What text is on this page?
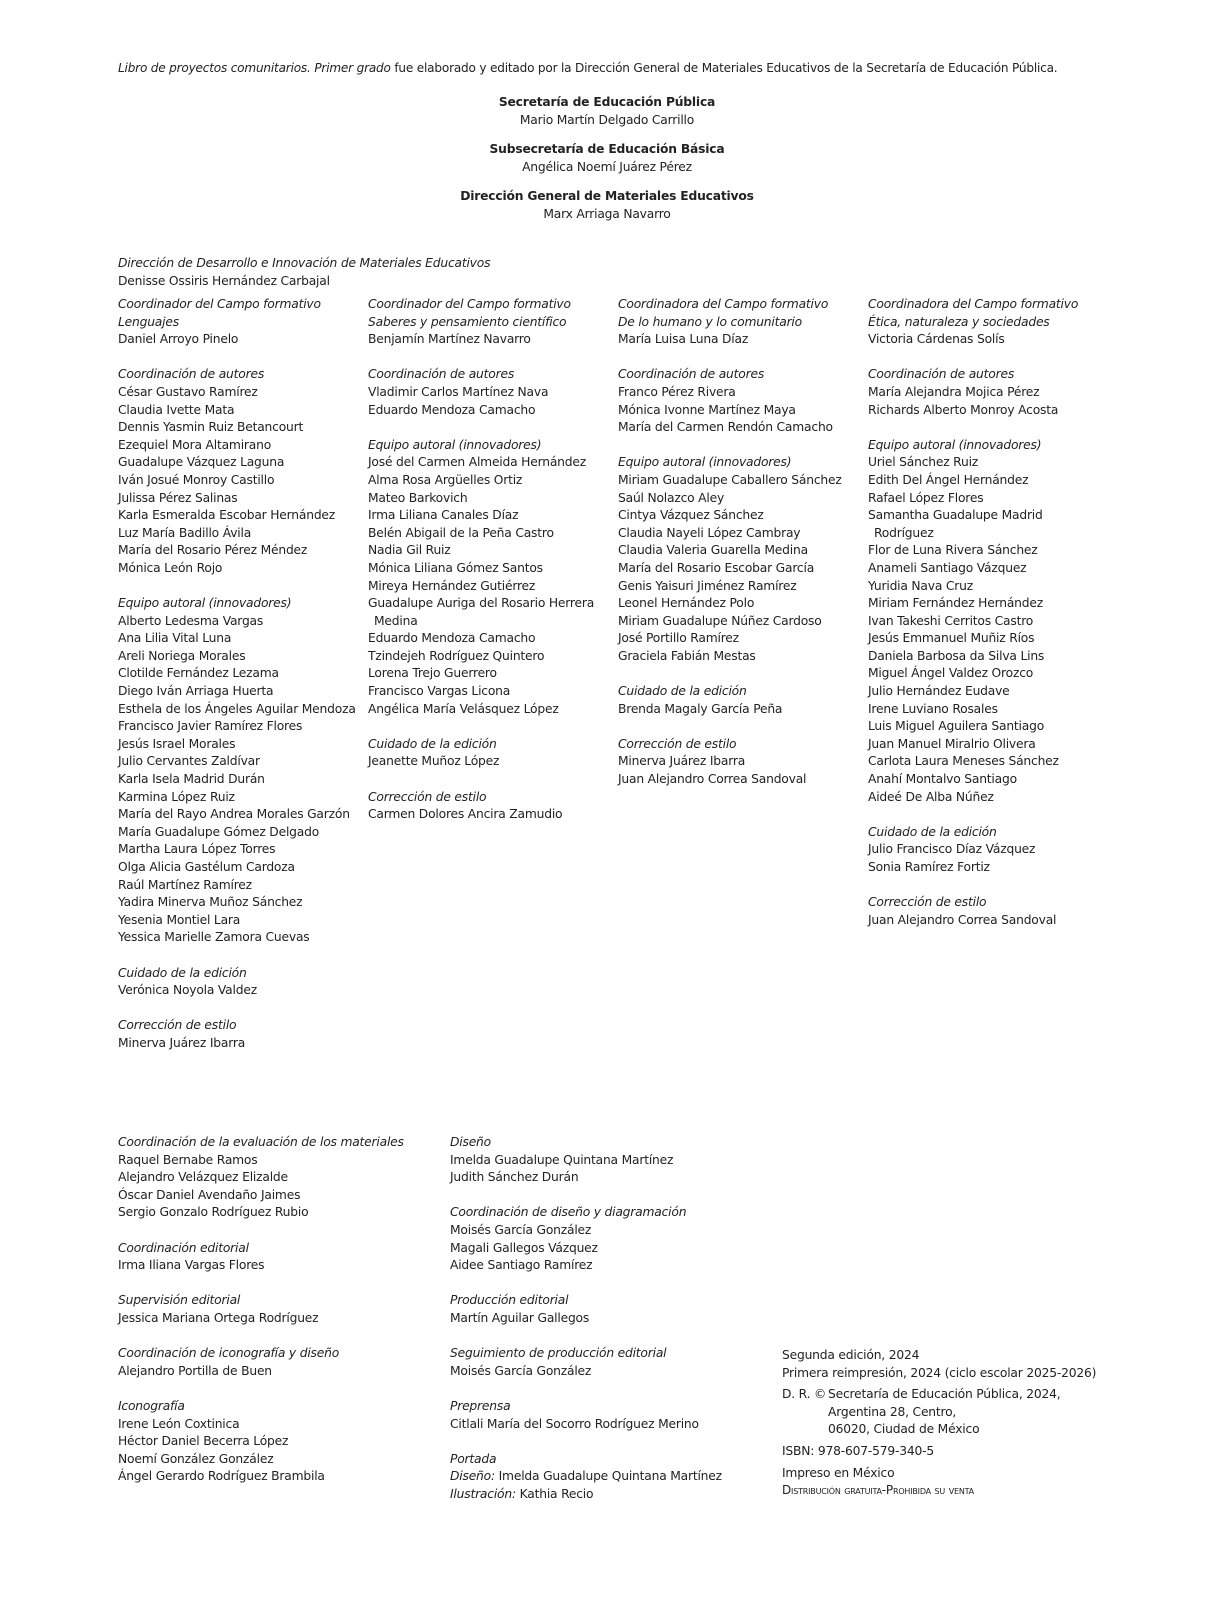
Libro de proyectos comunitarios. Primer grado fue elaborado y editado por la Dirección General de Materiales Educativos de la Secretaría de Educación Pública.
Secretaría de Educación Pública
Mario Martín Delgado Carrillo
Subsecretaría de Educación Básica
Angélica Noemí Juárez Pérez
Dirección General de Materiales Educativos
Marx Arriaga Navarro
Dirección de Desarrollo e Innovación de Materiales Educativos
Denisse Ossiris Hernández Carbajal
Coordinador del Campo formativo
Lenguajes
Daniel Arroyo Pinelo
Coordinación de autores
César Gustavo Ramírez
Claudia Ivette Mata
Dennis Yasmin Ruiz Betancourt
Ezequiel Mora Altamirano
Guadalupe Vázquez Laguna
Iván Josué Monroy Castillo
Julissa Pérez Salinas
Karla Esmeralda Escobar Hernández
Luz María Badillo Ávila
María del Rosario Pérez Méndez
Mónica León Rojo
Equipo autoral (innovadores)
Alberto Ledesma Vargas
Ana Lilia Vital Luna
Areli Noriega Morales
Clotilde Fernández Lezama
Diego Iván Arriaga Huerta
Esthela de los Ángeles Aguilar Mendoza
Francisco Javier Ramírez Flores
Jesús Israel Morales
Julio Cervantes Zaldívar
Karla Isela Madrid Durán
Karmina López Ruiz
María del Rayo Andrea Morales Garzón
María Guadalupe Gómez Delgado
Martha Laura López Torres
Olga Alicia Gastélum Cardoza
Raúl Martínez Ramírez
Yadira Minerva Muñoz Sánchez
Yesenia Montiel Lara
Yessica Marielle Zamora Cuevas
Cuidado de la edición
Verónica Noyola Valdez
Corrección de estilo
Minerva Juárez Ibarra
Coordinador del Campo formativo
Saberes y pensamiento científico
Benjamín Martínez Navarro
Coordinación de autores
Vladimir Carlos Martínez Nava
Eduardo Mendoza Camacho
Equipo autoral (innovadores)
José del Carmen Almeida Hernández
Alma Rosa Argüelles Ortiz
Mateo Barkovich
Irma Liliana Canales Díaz
Belén Abigail de la Peña Castro
Nadia Gil Ruiz
Mónica Liliana Gómez Santos
Mireya Hernández Gutiérrez
Guadalupe Auriga del Rosario Herrera Medina
Eduardo Mendoza Camacho
Tzindejeh Rodríguez Quintero
Lorena Trejo Guerrero
Francisco Vargas Licona
Angélica María Velásquez López
Cuidado de la edición
Jeanette Muñoz López
Corrección de estilo
Carmen Dolores Ancira Zamudio
Coordinadora del Campo formativo
De lo humano y lo comunitario
María Luisa Luna Díaz
Coordinación de autores
Franco Pérez Rivera
Mónica Ivonne Martínez Maya
María del Carmen Rendón Camacho
Equipo autoral (innovadores)
Miriam Guadalupe Caballero Sánchez
Saúl Nolazco Aley
Cintya Vázquez Sánchez
Claudia Nayeli López Cambray
Claudia Valeria Guarella Medina
María del Rosario Escobar García
Genis Yaisuri Jiménez Ramírez
Leonel Hernández Polo
Miriam Guadalupe Núñez Cardoso
José Portillo Ramírez
Graciela Fabián Mestas
Cuidado de la edición
Brenda Magaly García Peña
Corrección de estilo
Minerva Juárez Ibarra
Juan Alejandro Correa Sandoval
Coordinadora del Campo formativo
Ética, naturaleza y sociedades
Victoria Cárdenas Solís
Coordinación de autores
María Alejandra Mojica Pérez
Richards Alberto Monroy Acosta
Equipo autoral (innovadores)
Uriel Sánchez Ruiz
Edith Del Ángel Hernández
Rafael López Flores
Samantha Guadalupe Madrid Rodríguez
Flor de Luna Rivera Sánchez
Anameli Santiago Vázquez
Yuridia Nava Cruz
Miriam Fernández Hernández
Ivan Takeshi Cerritos Castro
Jesús Emmanuel Muñiz Ríos
Daniela Barbosa da Silva Lins
Miguel Ángel Valdez Orozco
Julio Hernández Eudave
Irene Luviano Rosales
Luis Miguel Aguilera Santiago
Juan Manuel Miralrio Olivera
Carlota Laura Meneses Sánchez
Anahí Montalvo Santiago
Aideé De Alba Núñez
Cuidado de la edición
Julio Francisco Díaz Vázquez
Sonia Ramírez Fortiz
Corrección de estilo
Juan Alejandro Correa Sandoval
Coordinación de la evaluación de los materiales
Raquel Bernabe Ramos
Alejandro Velázquez Elizalde
Óscar Daniel Avendaño Jaimes
Sergio Gonzalo Rodríguez Rubio
Coordinación editorial
Irma Iliana Vargas Flores
Supervisión editorial
Jessica Mariana Ortega Rodríguez
Coordinación de iconografía y diseño
Alejandro Portilla de Buen
Iconografía
Irene León Coxtinica
Héctor Daniel Becerra López
Noemí González González
Ángel Gerardo Rodríguez Brambila
Diseño
Imelda Guadalupe Quintana Martínez
Judith Sánchez Durán
Coordinación de diseño y diagramación
Moisés García González
Magali Gallegos Vázquez
Aidee Santiago Ramírez
Producción editorial
Martín Aguilar Gallegos
Seguimiento de producción editorial
Moisés García González
Preprensa
Citlali María del Socorro Rodríguez Merino
Portada
Diseño: Imelda Guadalupe Quintana Martínez
Ilustración: Kathia Recio
Segunda edición, 2024
Primera reimpresión, 2024 (ciclo escolar 2025-2026)
D. R. © Secretaría de Educación Pública, 2024,
Argentina 28, Centro,
06020, Ciudad de México
ISBN: 978-607-579-340-5
Impreso en México
Distribución gratuita-Prohibida su venta
